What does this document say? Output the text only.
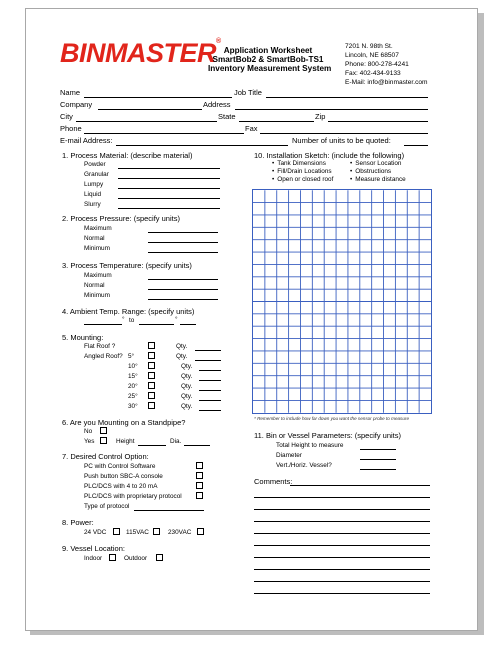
BINMASTER®
Application Worksheet
SmartBob2 & SmartBob-TS1
Inventory Measurement System
7201 N. 98th St.
Lincoln, NE 68507
Phone: 800-278-4241
Fax: 402-434-9133
E-Mail: info@binmaster.com
Name	Job Title
Company	Address
City	State	Zip
Phone	Fax
E-mail Address:	Number of units to be quoted:
1. Process Material: (describe material)
Powder
Granular
Lumpy
Liquid
Slurry
2. Process Pressure: (specify units)
Maximum
Normal
Minimum
3. Process Temperature: (specify units)
Maximum
Normal
Minimum
4. Ambient Temp. Range: (specify units)
° to	°
5. Mounting:
Flat Roof ?	Qty.
Angled Roof? 5°	Qty.
10°	Qty.
15°	Qty.
20°	Qty.
25°	Qty.
30°	Qty.
6. Are you Mounting on a Standpipe?
No
Yes	Height	Dia.
7. Desired Control Option:
PC with Control Software
Push button SBC-A console
PLC/DCS with 4 to 20 mA
PLC/DCS with proprietary protocol
Type of protocol
8. Power:
24 VDC	115VAC	230VAC
9. Vessel Location:
Indoor	Outdoor
10. Installation Sketch: (include the following)
• Tank Dimensions
• Fill/Drain Locations
• Open or closed roof
• Sensor Location
• Obstructions
• Measure distance
* Remember to include how far down you want the sensor probe to measure
11. Bin or Vessel Parameters: (specify units)
Total Height to measure
Diameter
Vert./Horiz. Vessel?
Comments:
